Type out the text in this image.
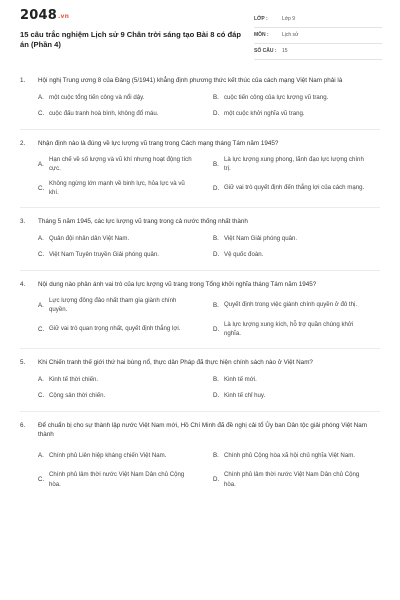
2048.vn
15 câu trắc nghiệm Lịch sử 9 Chân trời sáng tạo Bài 8 có đáp án (Phần 4)
LỚP :	Lớp 9
MÔN :	Lịch sử
SỐ CÂU : 15
1. Hội nghị Trung ương 8 của Đảng (5/1941) khẳng định phương thức kết thúc của cách mạng Việt Nam phải là
A. một cuộc tổng tiến công và nổi dậy.	B. cuộc tiến công của lực lượng vũ trang.
C. cuộc đấu tranh hoà bình, không đổ máu.	D. một cuộc khởi nghĩa vũ trang.
2. Nhận định nào là đúng về lực lượng vũ trang trong Cách mạng tháng Tám năm 1945?
A.
Hạn chế về số lượng và vũ khí nhưng hoạt động tích cực.
B.
Là lực lượng xung phong, lãnh đạo lực lượng chính trị.
C.
Không ngừng lớn mạnh về binh lực, hỏa lực và vũ khí.
D. Giữ vai trò quyết định đến thắng lợi của cách mạng.
3. Tháng 5 năm 1945, các lực lượng vũ trang trong cả nước thống nhất thành
A. Quân đội nhân dân Việt Nam.	B. Việt Nam Giải phóng quân.
C. Việt Nam Tuyên truyền Giải phóng quân.	D. Vệ quốc đoàn.
4. Nội dung nào phản ánh vai trò của lực lượng vũ trang trong Tổng khởi nghĩa tháng Tám năm 1945?
A.
Lực lượng đông đảo nhất tham gia giành chính quyền.
B. Quyết định trong việc giành chính quyền ở đô thị.
C. Giữ vai trò quan trọng nhất, quyết định thắng lợi.	D.
Là lực lượng xung kích, hỗ trợ quần chúng khởi nghĩa.
5. Khi Chiến tranh thế giới thứ hai bùng nổ, thực dân Pháp đã thực hiện chính sách nào ở Việt Nam?
A. Kinh tế thời chiến.	B. Kinh tế mới.
C. Cộng sản thời chiến.	D. Kinh tế chỉ huy.
6. Để chuẩn bị cho sự thành lập nước Việt Nam mới, Hồ Chí Minh đã đề nghị cải tổ Ủy ban Dân tộc giải phóng Việt Nam thành
A. Chính phủ Liên hiệp kháng chiến Việt Nam.	B. Chính phủ Cộng hòa xã hội chủ nghĩa Việt Nam.
C.
Chính phủ lâm thời nước Việt Nam Dân chủ Cộng hòa.
D.
Chính phủ lâm thời nước Việt Nam Dân chủ Cộng hòa.
